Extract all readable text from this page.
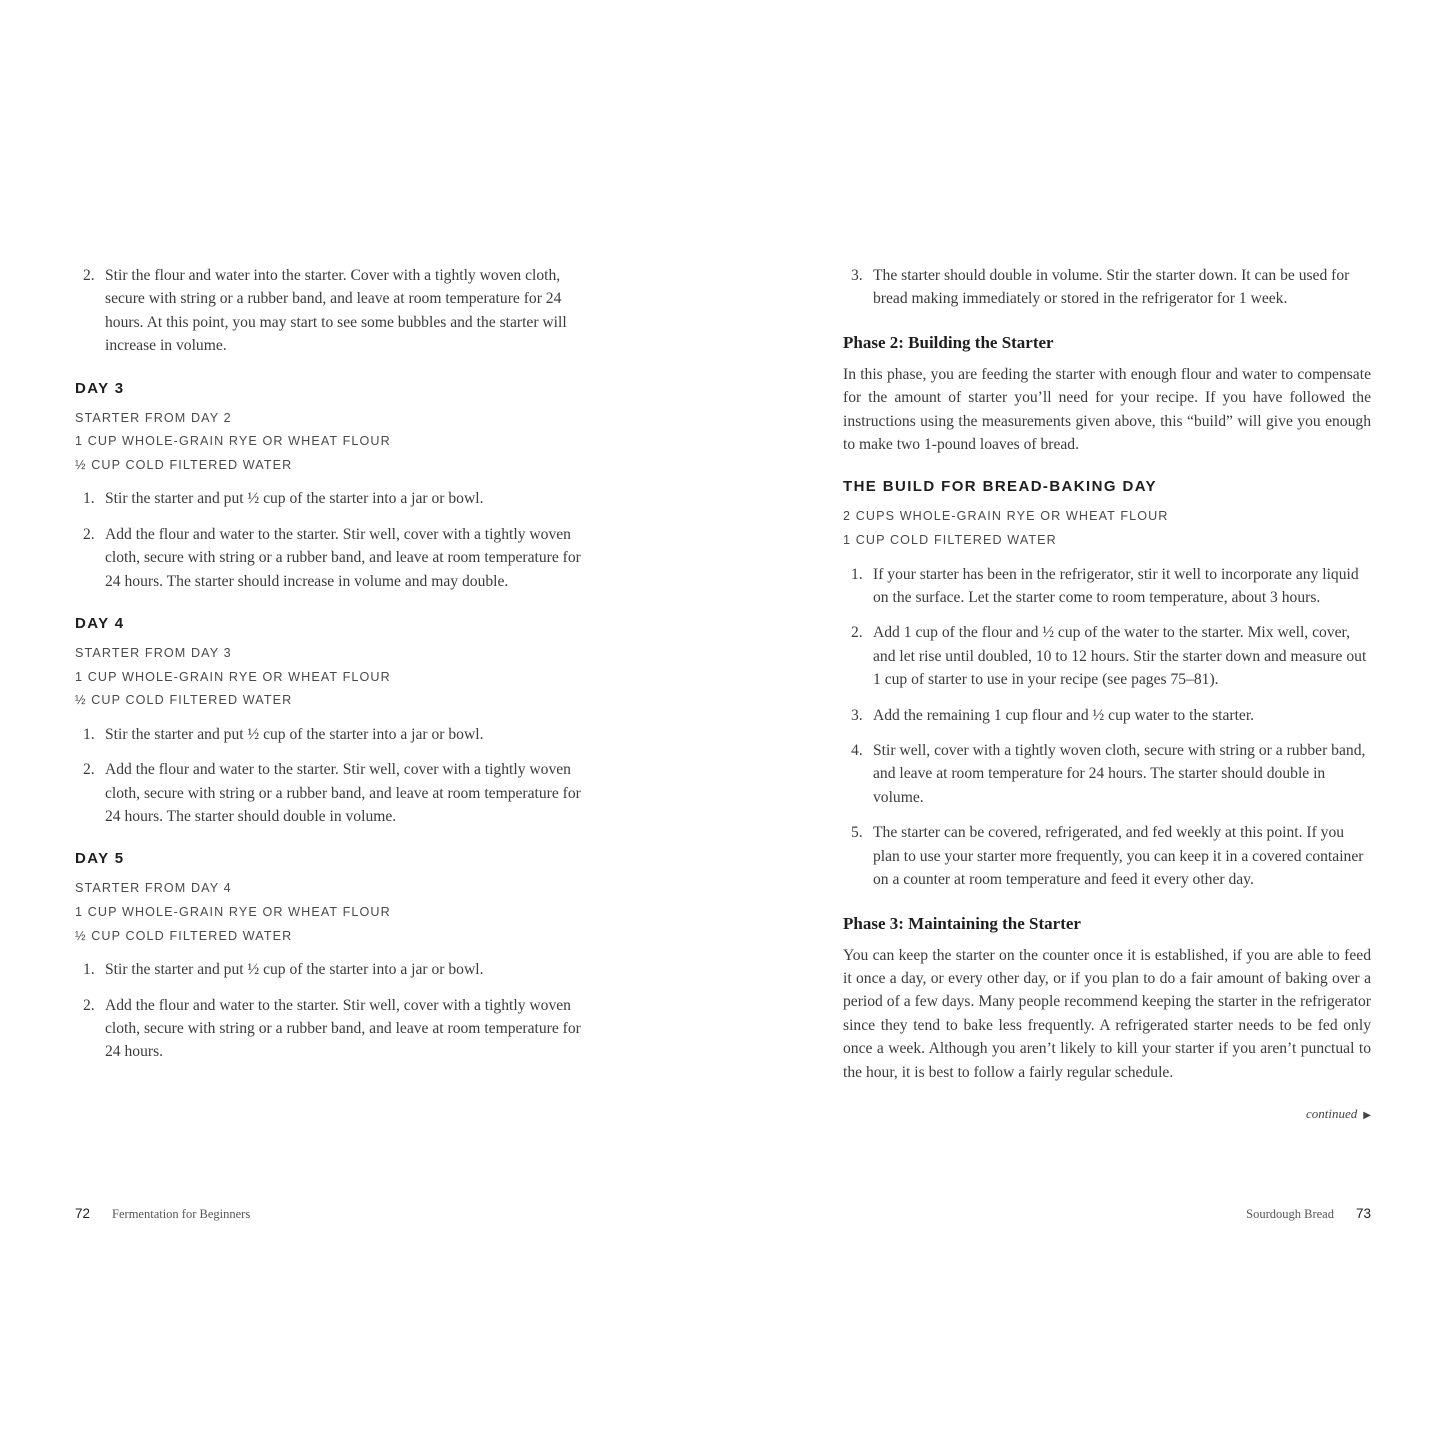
2. Stir the flour and water into the starter. Cover with a tightly woven cloth, secure with string or a rubber band, and leave at room temperature for 24 hours. At this point, you may start to see some bubbles and the starter will increase in volume.
DAY 3
STARTER FROM DAY 2
1 CUP WHOLE-GRAIN RYE OR WHEAT FLOUR
½ CUP COLD FILTERED WATER
1. Stir the starter and put ½ cup of the starter into a jar or bowl.
2. Add the flour and water to the starter. Stir well, cover with a tightly woven cloth, secure with string or a rubber band, and leave at room temperature for 24 hours. The starter should increase in volume and may double.
DAY 4
STARTER FROM DAY 3
1 CUP WHOLE-GRAIN RYE OR WHEAT FLOUR
½ CUP COLD FILTERED WATER
1. Stir the starter and put ½ cup of the starter into a jar or bowl.
2. Add the flour and water to the starter. Stir well, cover with a tightly woven cloth, secure with string or a rubber band, and leave at room temperature for 24 hours. The starter should double in volume.
DAY 5
STARTER FROM DAY 4
1 CUP WHOLE-GRAIN RYE OR WHEAT FLOUR
½ CUP COLD FILTERED WATER
1. Stir the starter and put ½ cup of the starter into a jar or bowl.
2. Add the flour and water to the starter. Stir well, cover with a tightly woven cloth, secure with string or a rubber band, and leave at room temperature for 24 hours.
3. The starter should double in volume. Stir the starter down. It can be used for bread making immediately or stored in the refrigerator for 1 week.
Phase 2: Building the Starter

In this phase, you are feeding the starter with enough flour and water to compensate for the amount of starter you’ll need for your recipe. If you have followed the instructions using the measurements given above, this “build” will give you enough to make two 1-pound loaves of bread.

THE BUILD FOR BREAD-BAKING DAY
2 CUPS WHOLE-GRAIN RYE OR WHEAT FLOUR
1 CUP COLD FILTERED WATER
1. If your starter has been in the refrigerator, stir it well to incorporate any liquid on the surface. Let the starter come to room temperature, about 3 hours.
2. Add 1 cup of the flour and ½ cup of the water to the starter. Mix well, cover, and let rise until doubled, 10 to 12 hours. Stir the starter down and measure out 1 cup of starter to use in your recipe (see pages 75–81).
3. Add the remaining 1 cup flour and ½ cup water to the starter.
4. Stir well, cover with a tightly woven cloth, secure with string or a rubber band, and leave at room temperature for 24 hours. The starter should double in volume.
5. The starter can be covered, refrigerated, and fed weekly at this point. If you plan to use your starter more frequently, you can keep it in a covered container on a counter at room temperature and feed it every other day.
Phase 3: Maintaining the Starter

You can keep the starter on the counter once it is established, if you are able to feed it once a day, or every other day, or if you plan to do a fair amount of baking over a period of a few days. Many people recommend keeping the starter in the refrigerator since they tend to bake less frequently. A refrigerated starter needs to be fed only once a week. Although you aren’t likely to kill your starter if you aren’t punctual to the hour, it is best to follow a fairly regular schedule.

continued ▶
72 Fermentation for Beginners	Sourdough Bread 73
